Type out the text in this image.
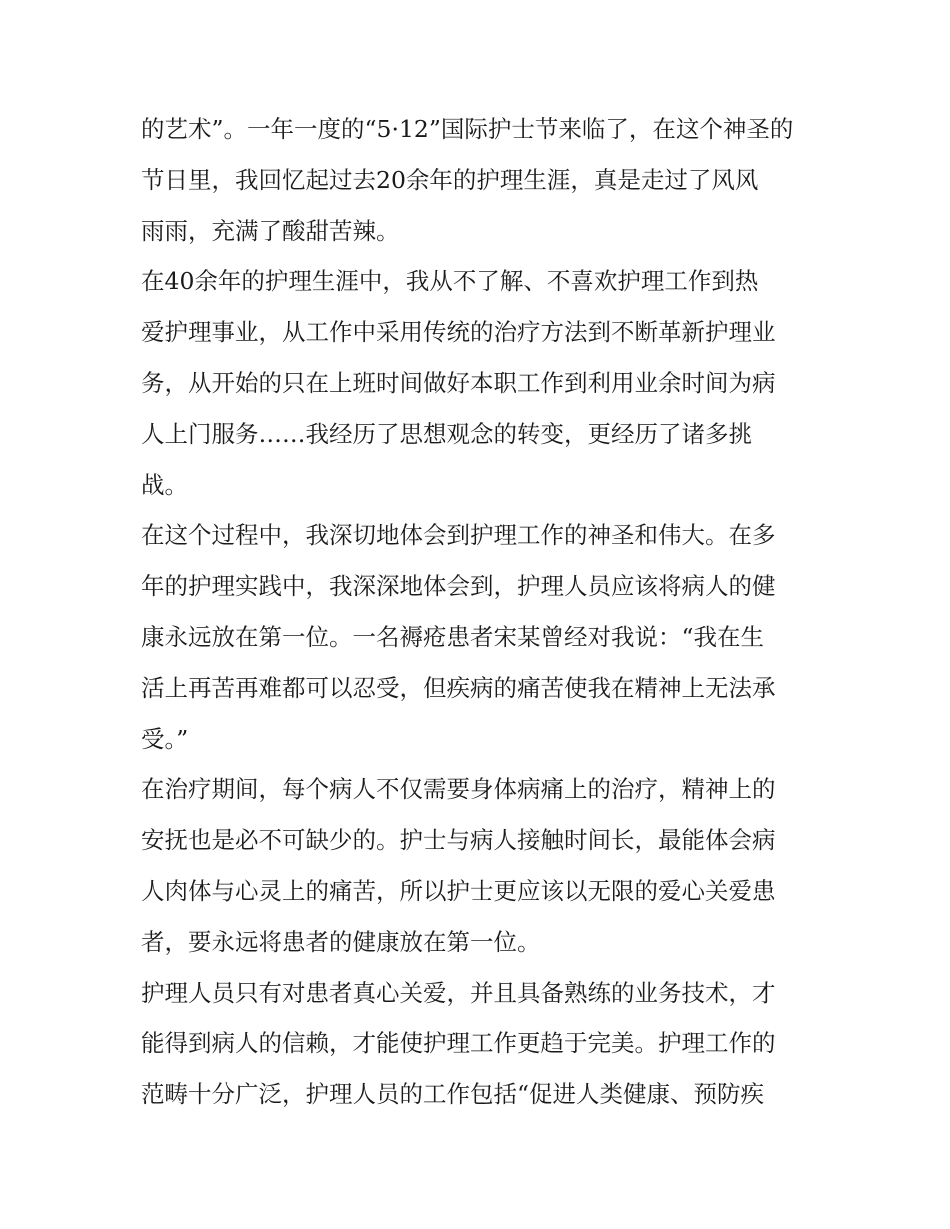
的艺术”。一年一度的“5·12”国际护士节来临了，在这个神圣的
节日里，我回忆起过去20余年的护理生涯，真是走过了风风
雨雨，充满了酸甜苦辣。
在40余年的护理生涯中，我从不了解、不喜欢护理工作到热
爱护理事业，从工作中采用传统的治疗方法到不断革新护理业
务，从开始的只在上班时间做好本职工作到利用业余时间为病
人上门服务……我经历了思想观念的转变，更经历了诸多挑
战。
在这个过程中，我深切地体会到护理工作的神圣和伟大。在多
年的护理实践中，我深深地体会到，护理人员应该将病人的健
康永远放在第一位。一名褥疮患者宋某曾经对我说：“我在生
活上再苦再难都可以忍受，但疾病的痛苦使我在精神上无法承
受。”
在治疗期间，每个病人不仅需要身体病痛上的治疗，精神上的
安抚也是必不可缺少的。护士与病人接触时间长，最能体会病
人肉体与心灵上的痛苦，所以护士更应该以无限的爱心关爱患
者，要永远将患者的健康放在第一位。
护理人员只有对患者真心关爱，并且具备熟练的业务技术，才
能得到病人的信赖，才能使护理工作更趋于完美。护理工作的
范畴十分广泛，护理人员的工作包括“促进人类健康、预防疾
